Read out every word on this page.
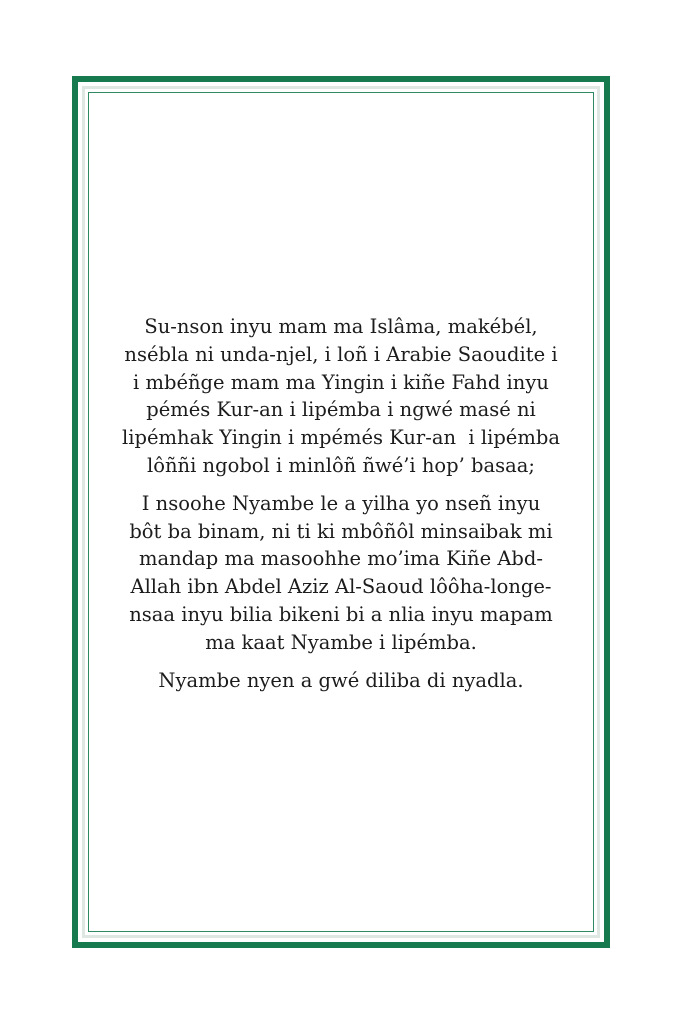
Su-nson inyu mam ma Islâma, makébél,
nsébla ni unda-njel, i loñ i Arabie Saoudite i
i mbéñge mam ma Yingin i kiñe Fahd inyu
pémés Kur-an i lipémba i ngwé masé ni
lipémhak Yingin i mpémés Kur-an  i lipémba
lôññi ngobol i minlôñ ñwé’i hop’ basaa;

I nsoohe Nyambe le a yilha yo nseñ inyu
bôt ba binam, ni ti ki mbôñôl minsaibak mi
mandap ma masoohhe mo’ima Kiñe Abd-
Allah ibn Abdel Aziz Al-Saoud lôôha-longe-
nsaa inyu bilia bikeni bi a nlia inyu mapam
ma kaat Nyambe i lipémba.

Nyambe nyen a gwé diliba di nyadla.
